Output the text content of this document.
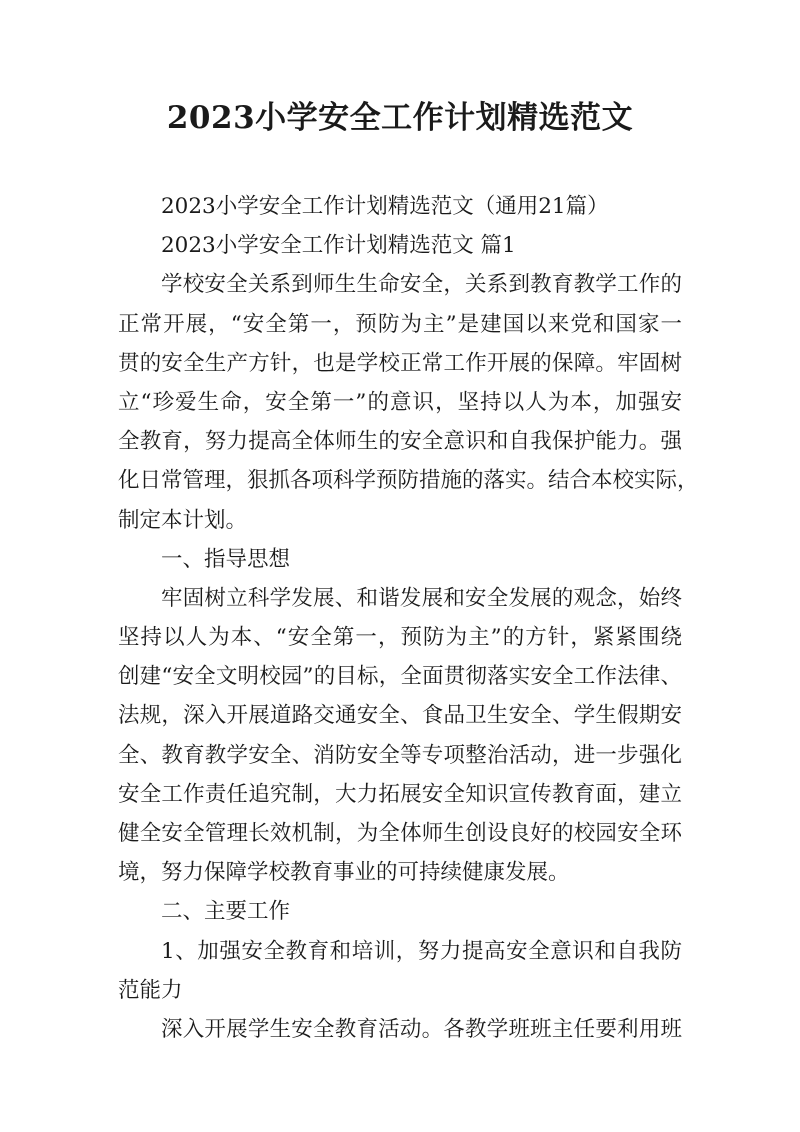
2023小学安全工作计划精选范文
2023小学安全工作计划精选范文（通用21篇）
2023小学安全工作计划精选范文 篇1
学校安全关系到师生生命安全，关系到教育教学工作的
正常开展，“安全第一，预防为主”是建国以来党和国家一
贯的安全生产方针，也是学校正常工作开展的保障。牢固树
立“珍爱生命，安全第一”的意识，坚持以人为本，加强安
全教育，努力提高全体师生的安全意识和自我保护能力。强
化日常管理，狠抓各项科学预防措施的落实。结合本校实际，
制定本计划。
一、指导思想
牢固树立科学发展、和谐发展和安全发展的观念，始终
坚持以人为本、“安全第一，预防为主”的方针，紧紧围绕
创建“安全文明校园”的目标，全面贯彻落实安全工作法律、
法规，深入开展道路交通安全、食品卫生安全、学生假期安
全、教育教学安全、消防安全等专项整治活动，进一步强化
安全工作责任追究制，大力拓展安全知识宣传教育面，建立
健全安全管理长效机制，为全体师生创设良好的校园安全环
境，努力保障学校教育事业的可持续健康发展。
二、主要工作
1、加强安全教育和培训，努力提高安全意识和自我防
范能力
深入开展学生安全教育活动。各教学班班主任要利用班
